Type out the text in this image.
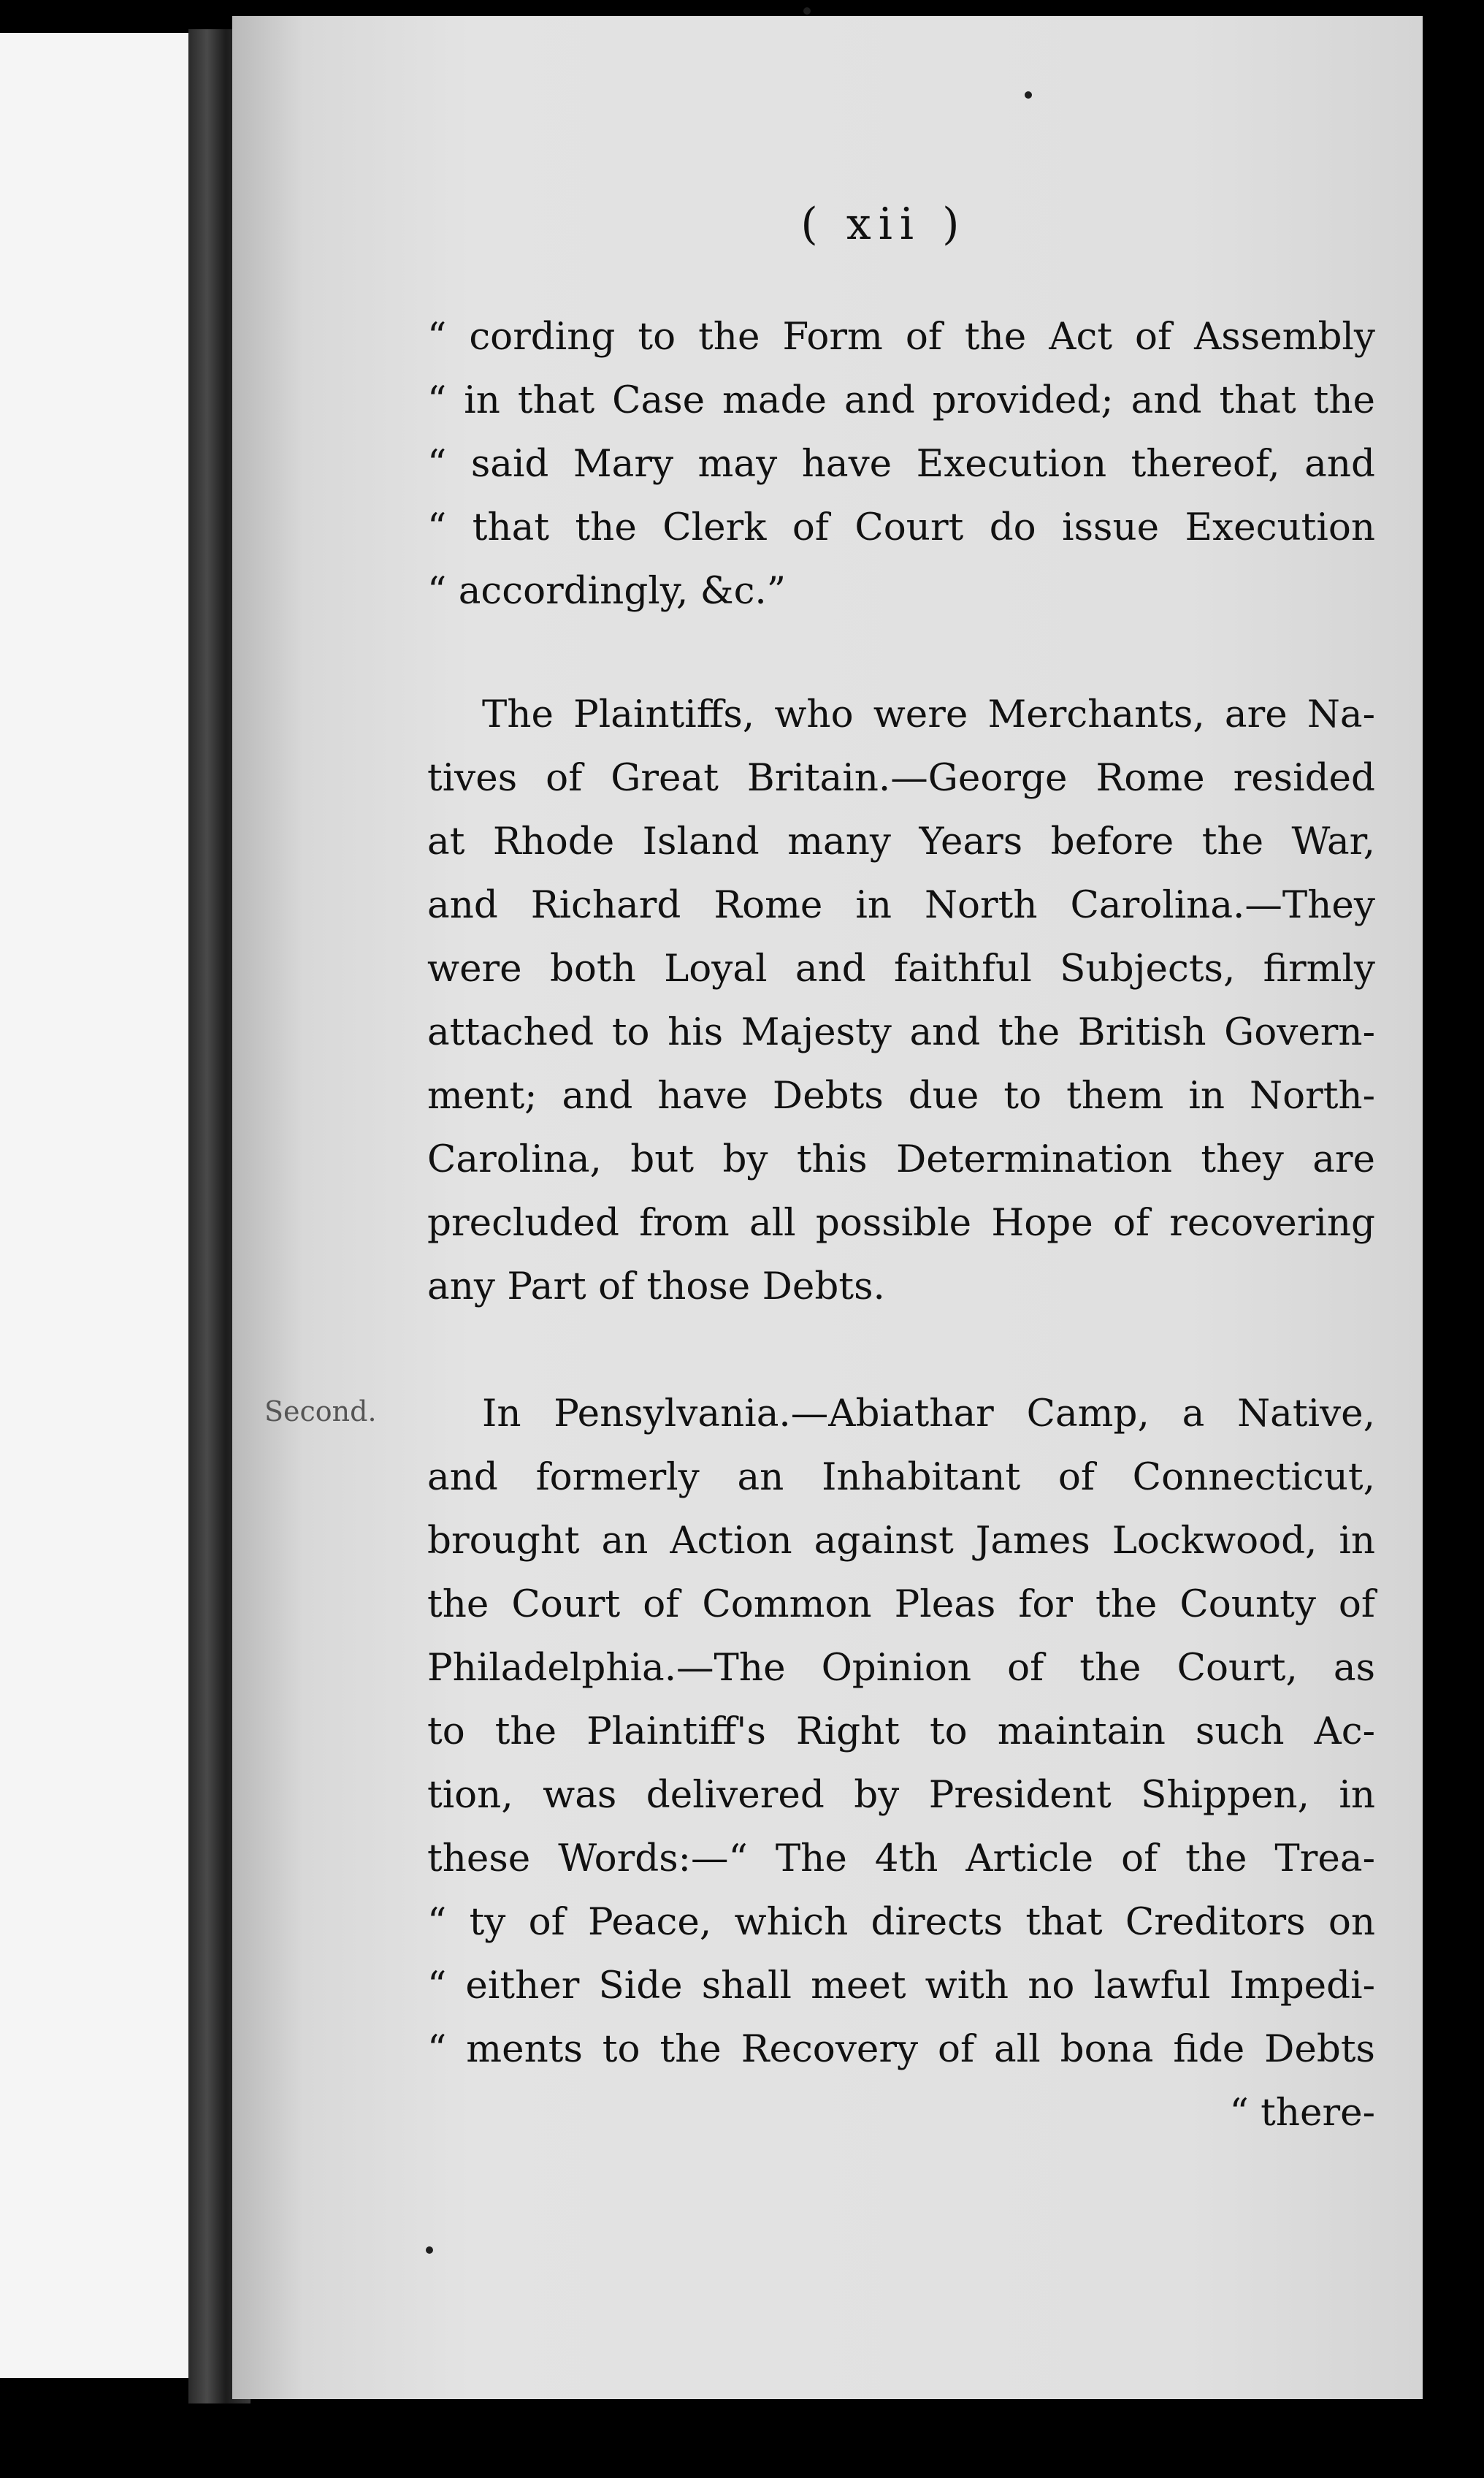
( xii )
“ cording to the Form of the Act of Assembly
“ in that Case made and provided; and that the
“ said Mary may have Execution thereof, and
“ that the Clerk of Court do issue Execution
“ accordingly, &c.”
The Plaintiffs, who were Merchants, are Na-
tives of Great Britain.—George Rome resided
at Rhode Island many Years before the War,
and Richard Rome in North Carolina.—They
were both Loyal and faithful Subjects, firmly
attached to his Majesty and the British Govern-
ment; and have Debts due to them in North-
Carolina, but by this Determination they are
precluded from all possible Hope of recovering
any Part of those Debts.
Second.	In Pensylvania.—Abiathar Camp, a Native,
and formerly an Inhabitant of Connecticut,
brought an Action against James Lockwood, in
the Court of Common Pleas for the County of
Philadelphia.—The Opinion of the Court, as
to the Plaintiff's Right to maintain such Ac-
tion, was delivered by President Shippen, in
these Words:—“ The 4th Article of the Trea-
“ ty of Peace, which directs that Creditors on
“ either Side shall meet with no lawful Impedi-
“ ments to the Recovery of all bona fide Debts
“ there-
